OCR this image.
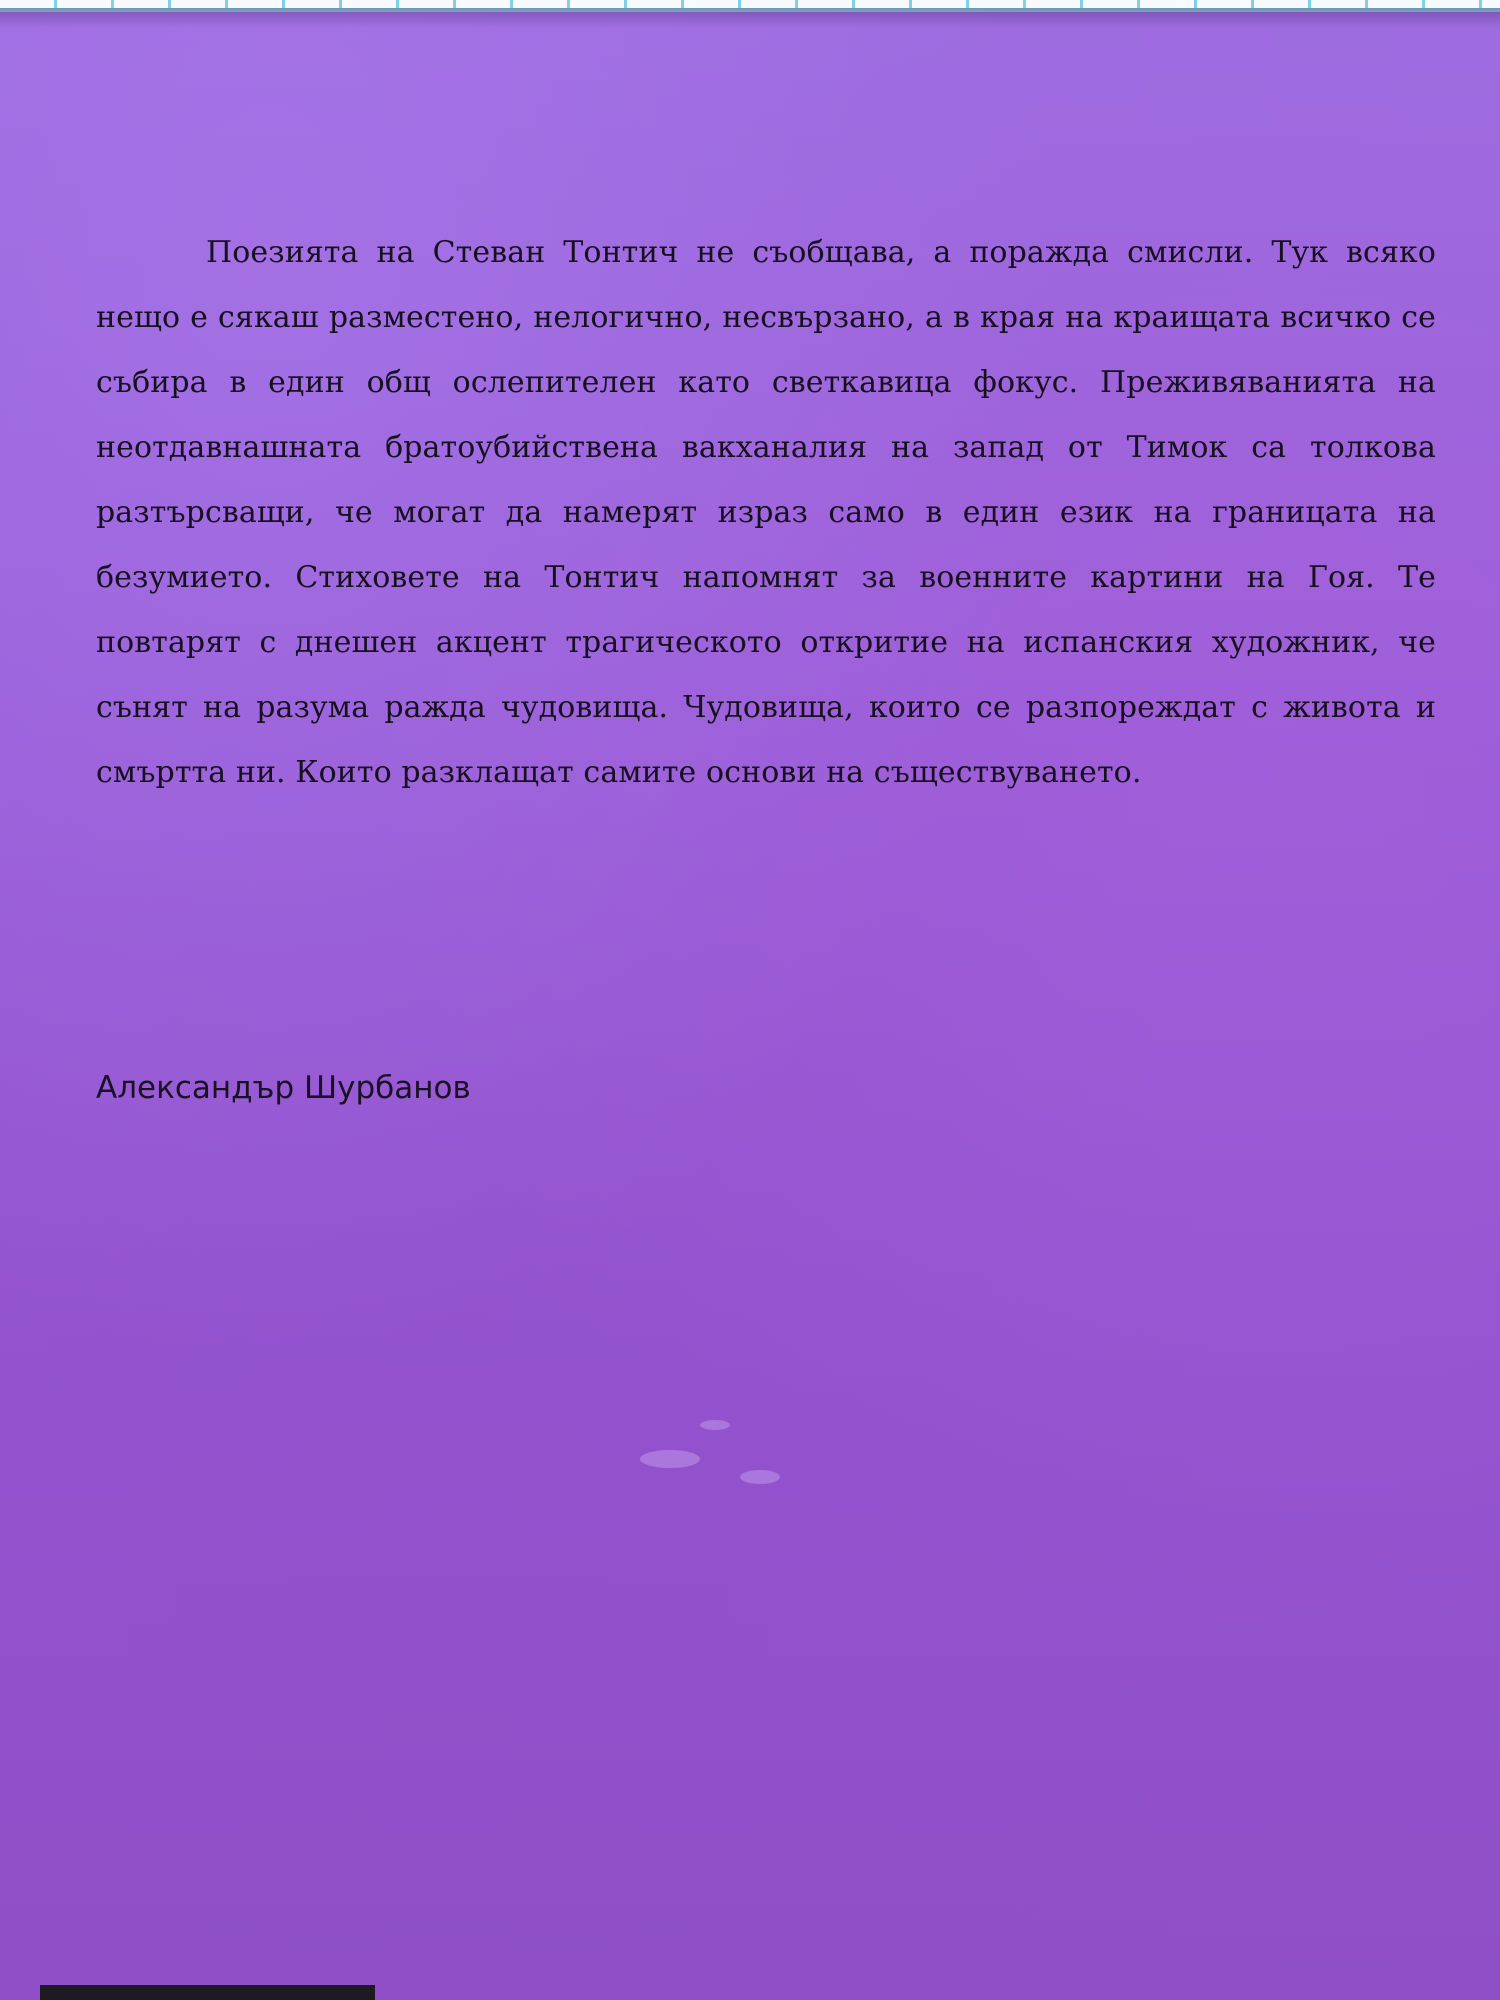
Поезията на Стеван Тонтич не съобщава, а поражда смисли. Тук всяко нещо е сякаш разместено, нелогично, несвързано, а в края на краищата всичко се събира в един общ ослепителен като светкавица фокус. Преживяванията на неотдавнашната братоубийствена вакханалия на запад от Тимок са толкова разтърсващи, че могат да намерят израз само в един език на границата на безумието. Стиховете на Тонтич напомнят за военните картини на Гоя. Те повтарят с днешен акцент трагическото откритие на испанския художник, че сънят на разума ражда чудовища. Чудовища, които се разпореждат с живота и смъртта ни. Които разклащат самите основи на съществуването.

Александър Шурбанов
